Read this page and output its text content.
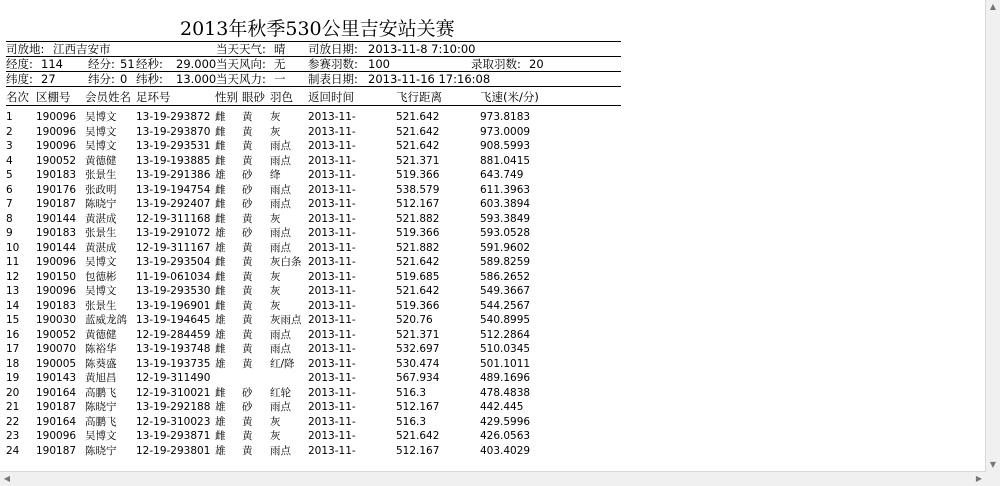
2013年秋季530公里吉安站关赛
司放地: 江西吉安市	当天天气: 晴 司放日期: 2013-11-8 7:10:00
经度: 114 经分: 51 经秒: 29.000 当天风向: 无 参赛羽数: 100	录取羽数: 20
纬度: 27	纬分: 0 纬秒: 13.000 当天风力: 一 制表日期: 2013-11-16 17:16:08
名次 区棚号 会员姓名 足环号	性别 眼砂 羽色 返回时间	飞行距离	飞速(米/分)
1 190096 吴博文 13-19-293872 雌 黄 灰	2013-11-	521.642	973.8183
2 190096 吴博文 13-19-293870 雌 黄 灰	2013-11-	521.642	973.0009
3 190096 吴博文 13-19-293531 雌 黄 雨点 2013-11-	521.642	908.5993
4 190052 黄德健 13-19-193885 雌 黄 雨点 2013-11-	521.371	881.0415
5 190183 张景生 13-19-291386 雄 砂 绛	2013-11-	519.366	643.749
6 190176 张政明 13-19-194754 雌 砂 雨点 2013-11-	538.579	611.3963
7 190187 陈晓宁 13-19-292407 雌 砂 雨点 2013-11-	512.167	603.3894
8 190144 黄湛成 12-19-311168 雌 黄 灰	2013-11-	521.882	593.3849
9 190183 张景生 13-19-291072 雄 砂 雨点 2013-11-	519.366	593.0528
10 190144 黄湛成 12-19-311167 雄 黄 雨点 2013-11-	521.882	591.9602
11 190096 吴博文 13-19-293504 雌 黄 灰白条 2013-11-	521.642	589.8259
12 190150 包德彬 11-19-061034 雌 黄 灰	2013-11-	519.685	586.2652
13 190096 吴博文 13-19-293530 雌 黄 灰	2013-11-	521.642	549.3667
14 190183 张景生 13-19-196901 雌 黄 灰	2013-11-	519.366	544.2567
15 190030 蓝威龙鸽 13-19-194645 雄 黄 灰雨点 2013-11-	520.76	540.8995
16 190052 黄德健 12-19-284459 雄 黄 雨点 2013-11-	521.371	512.2864
17 190070 陈裕华 13-19-193748 雌 黄 雨点 2013-11-	532.697	510.0345
18 190005 陈葵盛 13-19-193735 雄 黄 红/降 2013-11-	530.474	501.1011
19 190143 黄旭昌 12-19-311490	2013-11-	567.934	489.1696
20 190164 高鹏飞 12-19-310021 雌 砂 红轮 2013-11-	516.3	478.4838
21 190187 陈晓宁 13-19-292188 雄 砂 雨点 2013-11-	512.167	442.445
22 190164 高鹏飞 12-19-310023 雄 黄 灰	2013-11-	516.3	429.5996
23 190096 吴博文 13-19-293871 雌 黄 灰	2013-11-	521.642	426.0563
24 190187 陈晓宁 12-19-293801 雄 黄 雨点 2013-11-	512.167	403.4029
▲
▼
◀	▶
